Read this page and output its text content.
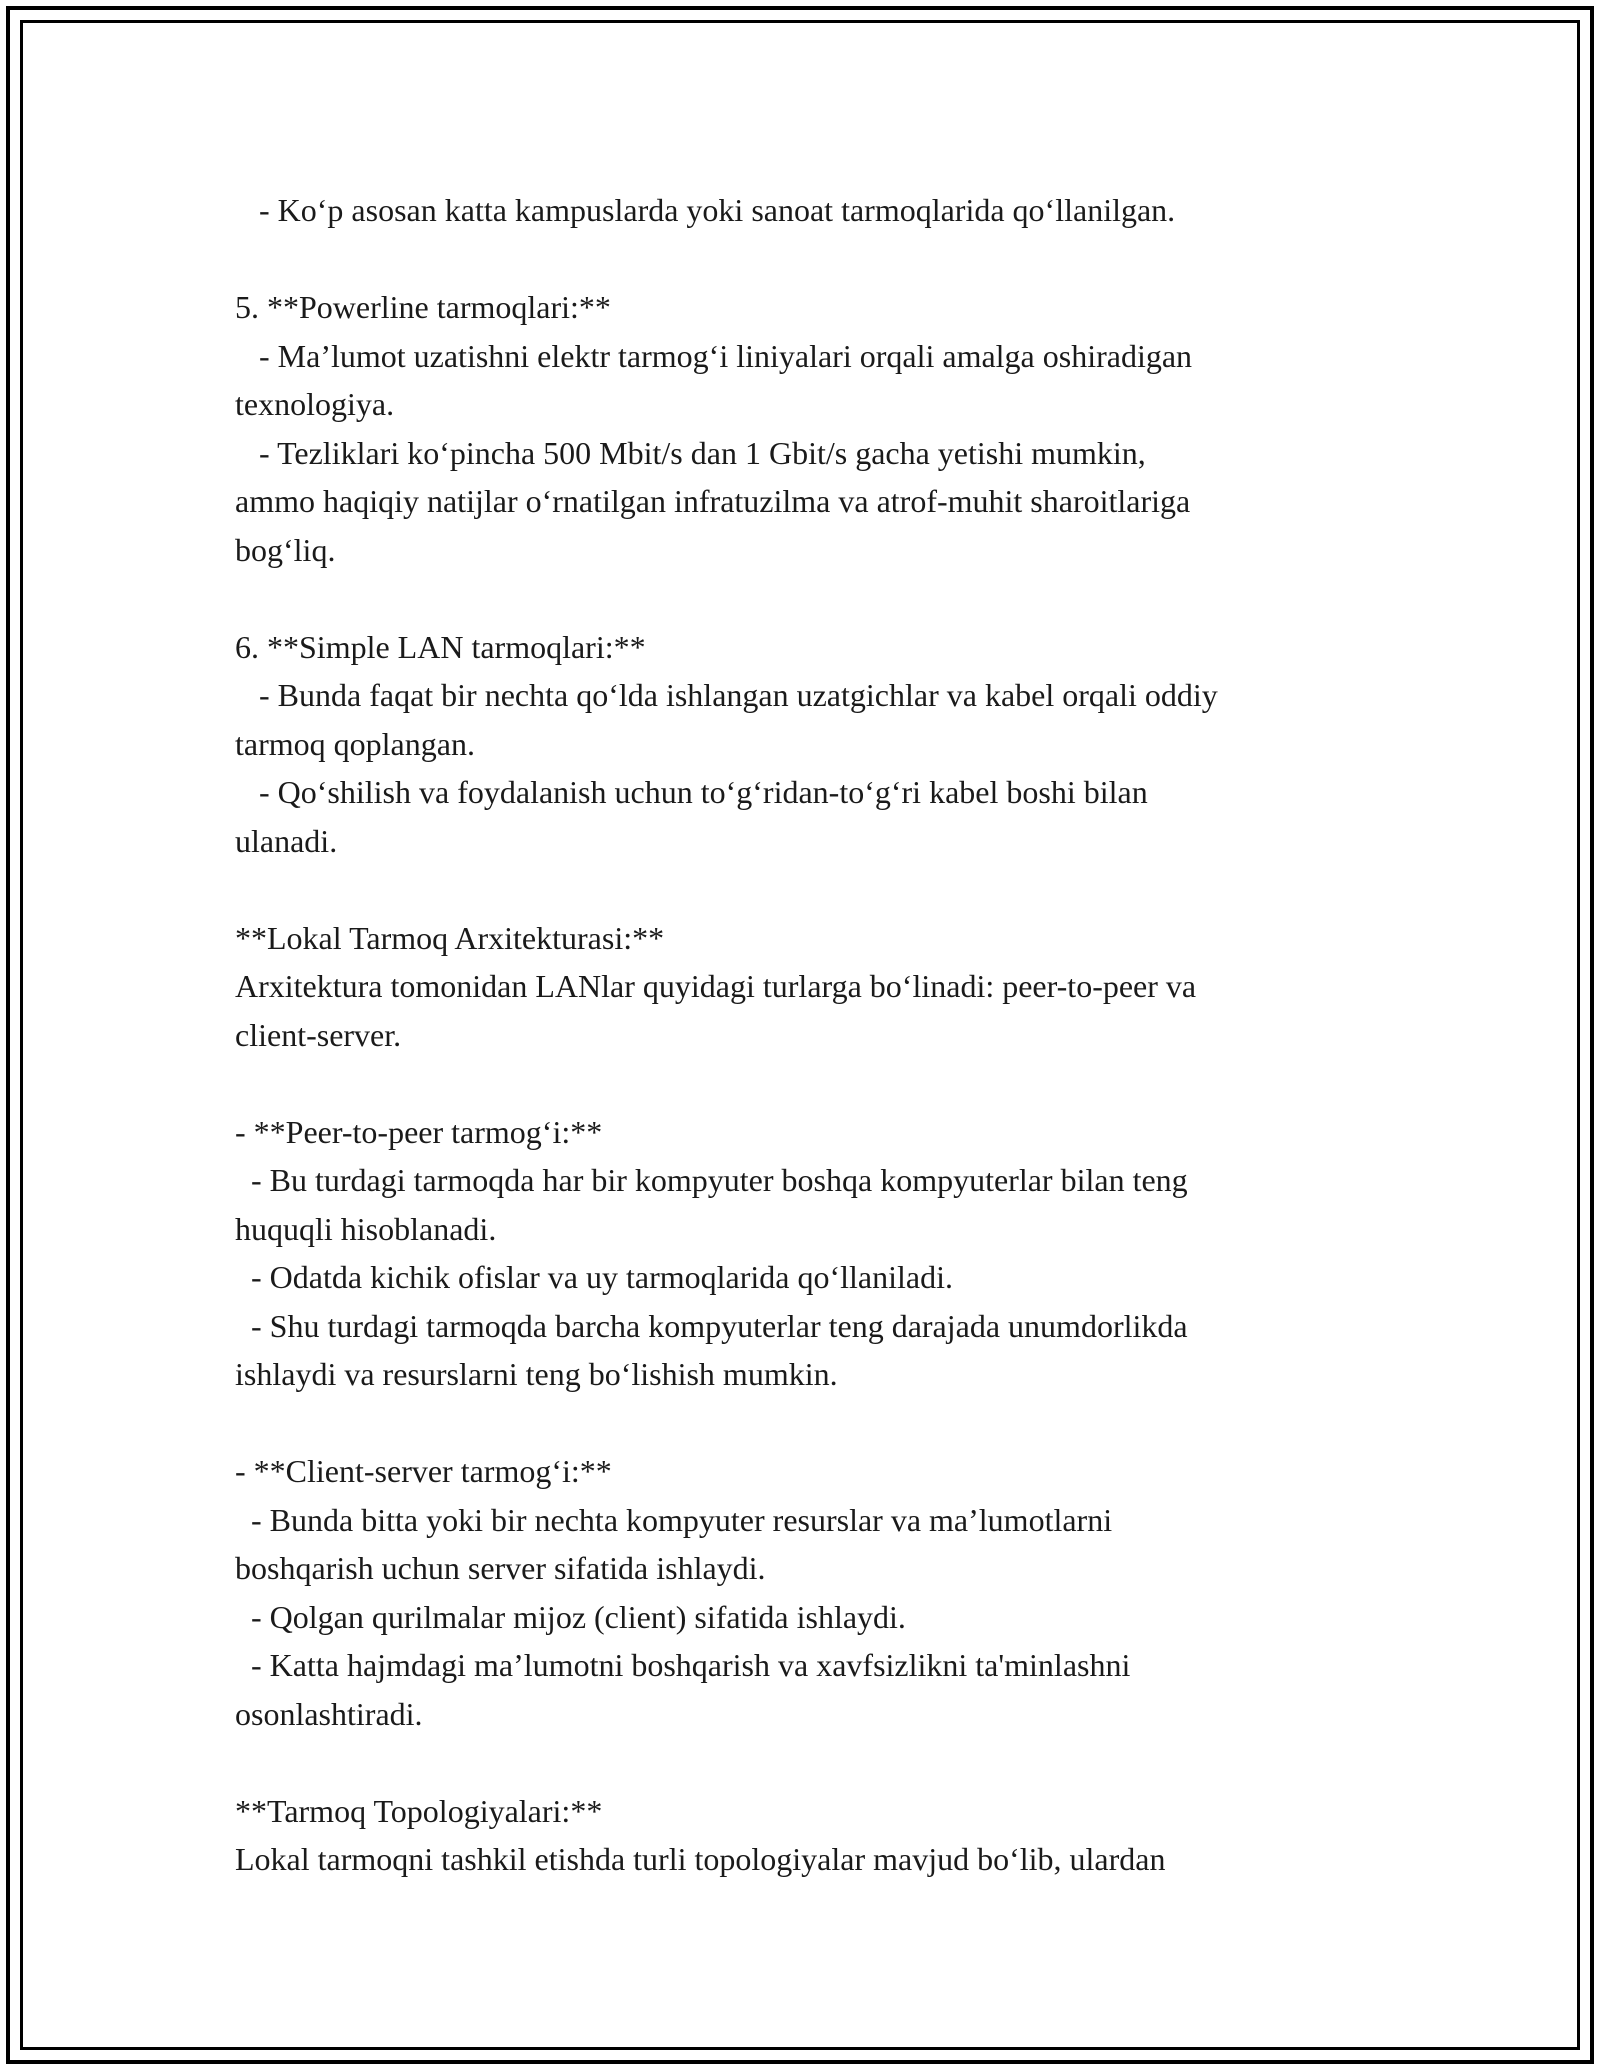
- Ko‘p asosan katta kampuslarda yoki sanoat tarmoqlarida qo‘llanilgan.
5. **Powerline tarmoqlari:**
- Ma’lumot uzatishni elektr tarmog‘i liniyalari orqali amalga oshiradigan
texnologiya.
- Tezliklari ko‘pincha 500 Mbit/s dan 1 Gbit/s gacha yetishi mumkin,
ammo haqiqiy natijlar o‘rnatilgan infratuzilma va atrof-muhit sharoitlariga
bog‘liq.
6. **Simple LAN tarmoqlari:**
- Bunda faqat bir nechta qo‘lda ishlangan uzatgichlar va kabel orqali oddiy
tarmoq qoplangan.
- Qo‘shilish va foydalanish uchun to‘g‘ridan-to‘g‘ri kabel boshi bilan
ulanadi.
**Lokal Tarmoq Arxitekturasi:**
Arxitektura tomonidan LANlar quyidagi turlarga bo‘linadi: peer-to-peer va
client-server.
- **Peer-to-peer tarmog‘i:**
- Bu turdagi tarmoqda har bir kompyuter boshqa kompyuterlar bilan teng
huquqli hisoblanadi.
- Odatda kichik ofislar va uy tarmoqlarida qo‘llaniladi.
- Shu turdagi tarmoqda barcha kompyuterlar teng darajada unumdorlikda
ishlaydi va resurslarni teng bo‘lishish mumkin.
- **Client-server tarmog‘i:**
- Bunda bitta yoki bir nechta kompyuter resurslar va ma’lumotlarni
boshqarish uchun server sifatida ishlaydi.
- Qolgan qurilmalar mijoz (client) sifatida ishlaydi.
- Katta hajmdagi ma’lumotni boshqarish va xavfsizlikni ta'minlashni
osonlashtiradi.
**Tarmoq Topologiyalari:**
Lokal tarmoqni tashkil etishda turli topologiyalar mavjud bo‘lib, ulardan
